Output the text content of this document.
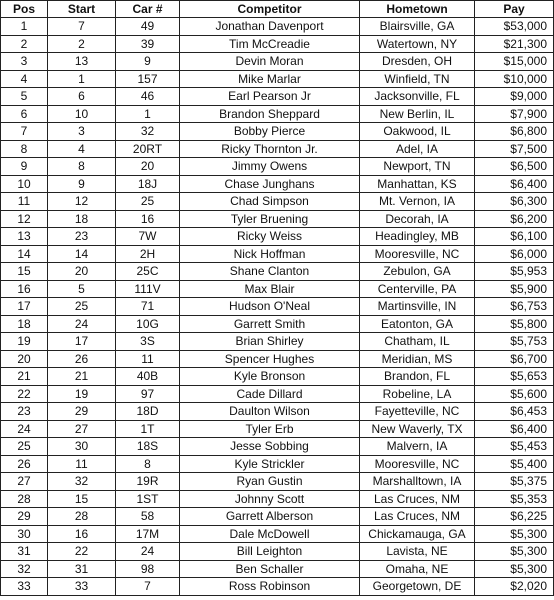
Pos	Start	Car #	Competitor	Hometown	Pay
1	7	49	Jonathan Davenport	Blairsville, GA	$53,000
2	2	39	Tim McCreadie	Watertown, NY	$21,300
3	13	9	Devin Moran	Dresden, OH	$15,000
4	1	157	Mike Marlar	Winfield, TN	$10,000
5	6	46	Earl Pearson Jr	Jacksonville, FL	$9,000
6	10	1	Brandon Sheppard	New Berlin, IL	$7,900
7	3	32	Bobby Pierce	Oakwood, IL	$6,800
8	4	20RT	Ricky Thornton Jr.	Adel, IA	$7,500
9	8	20	Jimmy Owens	Newport, TN	$6,500
10	9	18J	Chase Junghans	Manhattan, KS	$6,400
11	12	25	Chad Simpson	Mt. Vernon, IA	$6,300
12	18	16	Tyler Bruening	Decorah, IA	$6,200
13	23	7W	Ricky Weiss	Headingley, MB	$6,100
14	14	2H	Nick Hoffman	Mooresville, NC	$6,000
15	20	25C	Shane Clanton	Zebulon, GA	$5,953
16	5	111V	Max Blair	Centerville, PA	$5,900
17	25	71	Hudson O'Neal	Martinsville, IN	$6,753
18	24	10G	Garrett Smith	Eatonton, GA	$5,800
19	17	3S	Brian Shirley	Chatham, IL	$5,753
20	26	11	Spencer Hughes	Meridian, MS	$6,700
21	21	40B	Kyle Bronson	Brandon, FL	$5,653
22	19	97	Cade Dillard	Robeline, LA	$5,600
23	29	18D	Daulton Wilson	Fayetteville, NC	$6,453
24	27	1T	Tyler Erb	New Waverly, TX	$6,400
25	30	18S	Jesse Sobbing	Malvern, IA	$5,453
26	11	8	Kyle Strickler	Mooresville, NC	$5,400
27	32	19R	Ryan Gustin	Marshalltown, IA	$5,375
28	15	1ST	Johnny Scott	Las Cruces, NM	$5,353
29	28	58	Garrett Alberson	Las Cruces, NM	$6,225
30	16	17M	Dale McDowell	Chickamauga, GA	$5,300
31	22	24	Bill Leighton	Lavista, NE	$5,300
32	31	98	Ben Schaller	Omaha, NE	$5,300
33	33	7	Ross Robinson	Georgetown, DE	$2,020
